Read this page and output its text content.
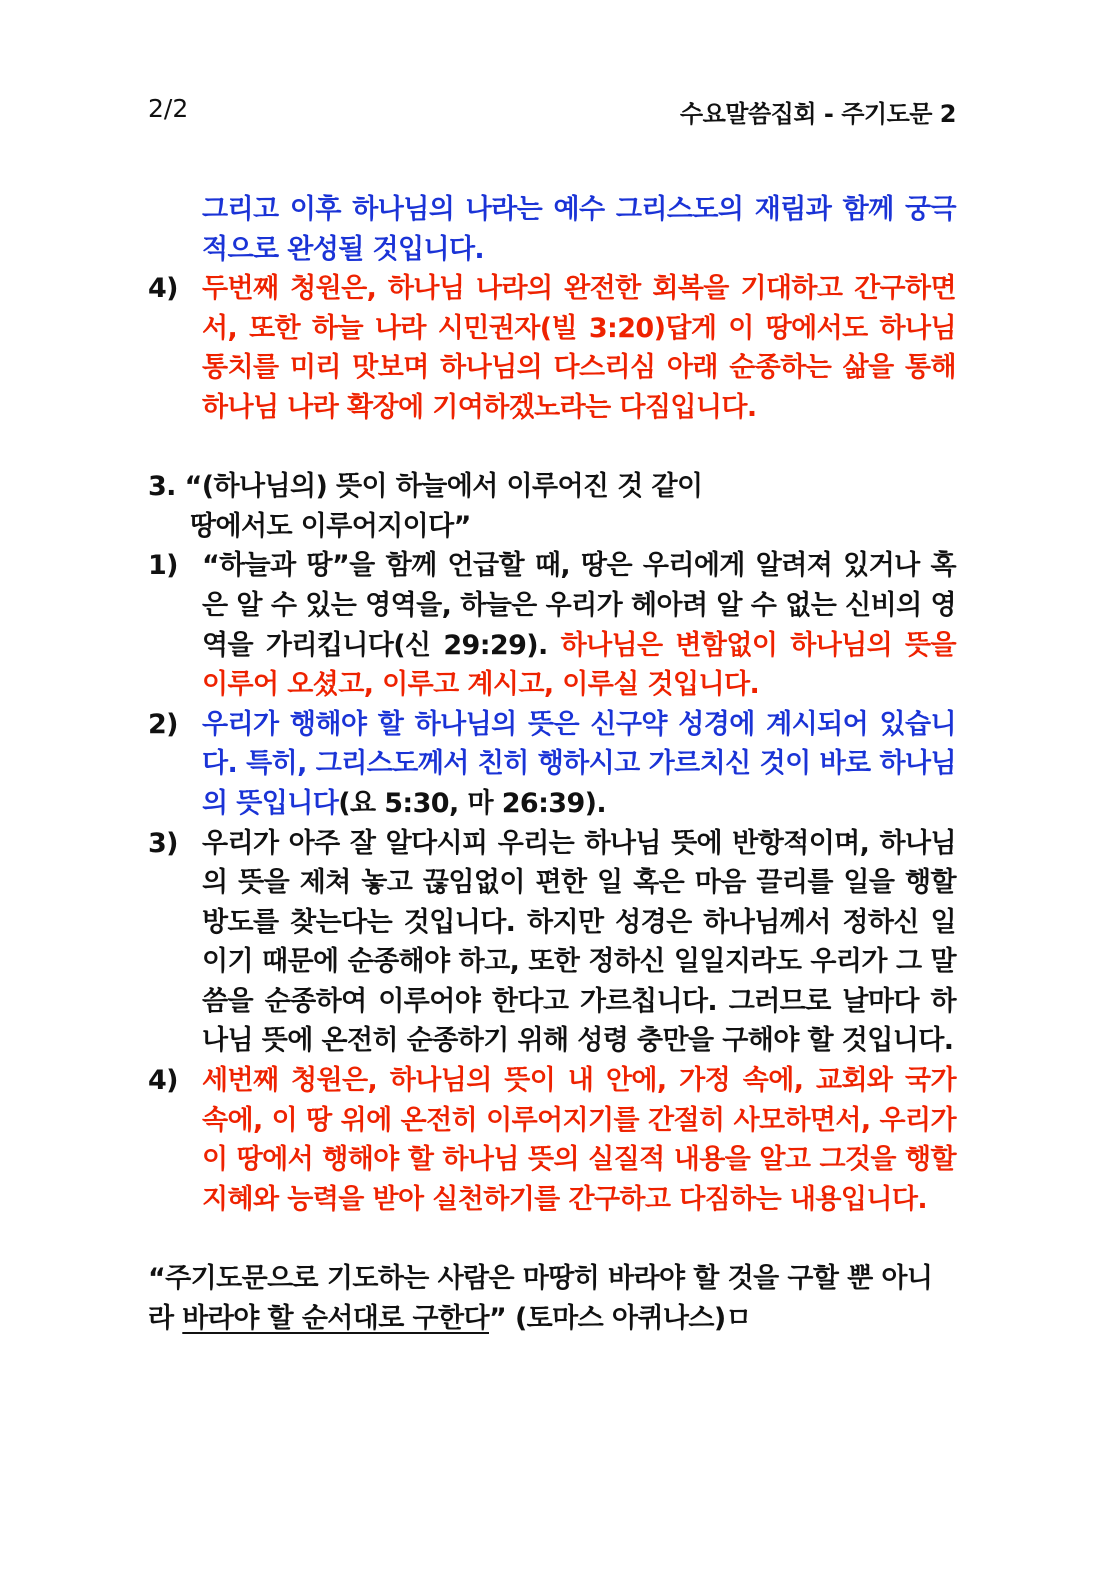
2/2	수요말씀집회 - 주기도문 2
그리고 이후 하나님의 나라는 예수 그리스도의 재림과 함께 궁극적으로 완성될 것입니다.
4) 두번째 청원은, 하나님 나라의 완전한 회복을 기대하고 간구하면서, 또한 하늘 나라 시민권자(빌 3:20)답게 이 땅에서도 하나님 통치를 미리 맛보며 하나님의 다스리심 아래 순종하는 삶을 통해 하나님 나라 확장에 기여하겠노라는 다짐입니다.
3. “(하나님의) 뜻이 하늘에서 이루어진 것 같이
땅에서도 이루어지이다”
1) “하늘과 땅”을 함께 언급할 때, 땅은 우리에게 알려져 있거나 혹은 알 수 있는 영역을, 하늘은 우리가 헤아려 알 수 없는 신비의 영역을 가리킵니다(신 29:29). 하나님은 변함없이 하나님의 뜻을 이루어 오셨고, 이루고 계시고, 이루실 것입니다.
2) 우리가 행해야 할 하나님의 뜻은 신구약 성경에 계시되어 있습니다. 특히, 그리스도께서 친히 행하시고 가르치신 것이 바로 하나님의 뜻입니다(요 5:30, 마 26:39).
3) 우리가 아주 잘 알다시피 우리는 하나님 뜻에 반항적이며, 하나님의 뜻을 제쳐 놓고 끊임없이 편한 일 혹은 마음 끌리를 일을 행할 방도를 찾는다는 것입니다. 하지만 성경은 하나님께서 정하신 일이기 때문에 순종해야 하고, 또한 정하신 일일지라도 우리가 그 말씀을 순종하여 이루어야 한다고 가르칩니다. 그러므로 날마다 하나님 뜻에 온전히 순종하기 위해 성령 충만을 구해야 할 것입니다.
4) 세번째 청원은, 하나님의 뜻이 내 안에, 가정 속에, 교회와 국가 속에, 이 땅 위에 온전히 이루어지기를 간절히 사모하면서, 우리가 이 땅에서 행해야 할 하나님 뜻의 실질적 내용을 알고 그것을 행할 지혜와 능력을 받아 실천하기를 간구하고 다짐하는 내용입니다.
“주기도문으로 기도하는 사람은 마땅히 바라야 할 것을 구할 뿐 아니라 바라야 할 순서대로 구한다” (토마스 아퀴나스)ㅁ
